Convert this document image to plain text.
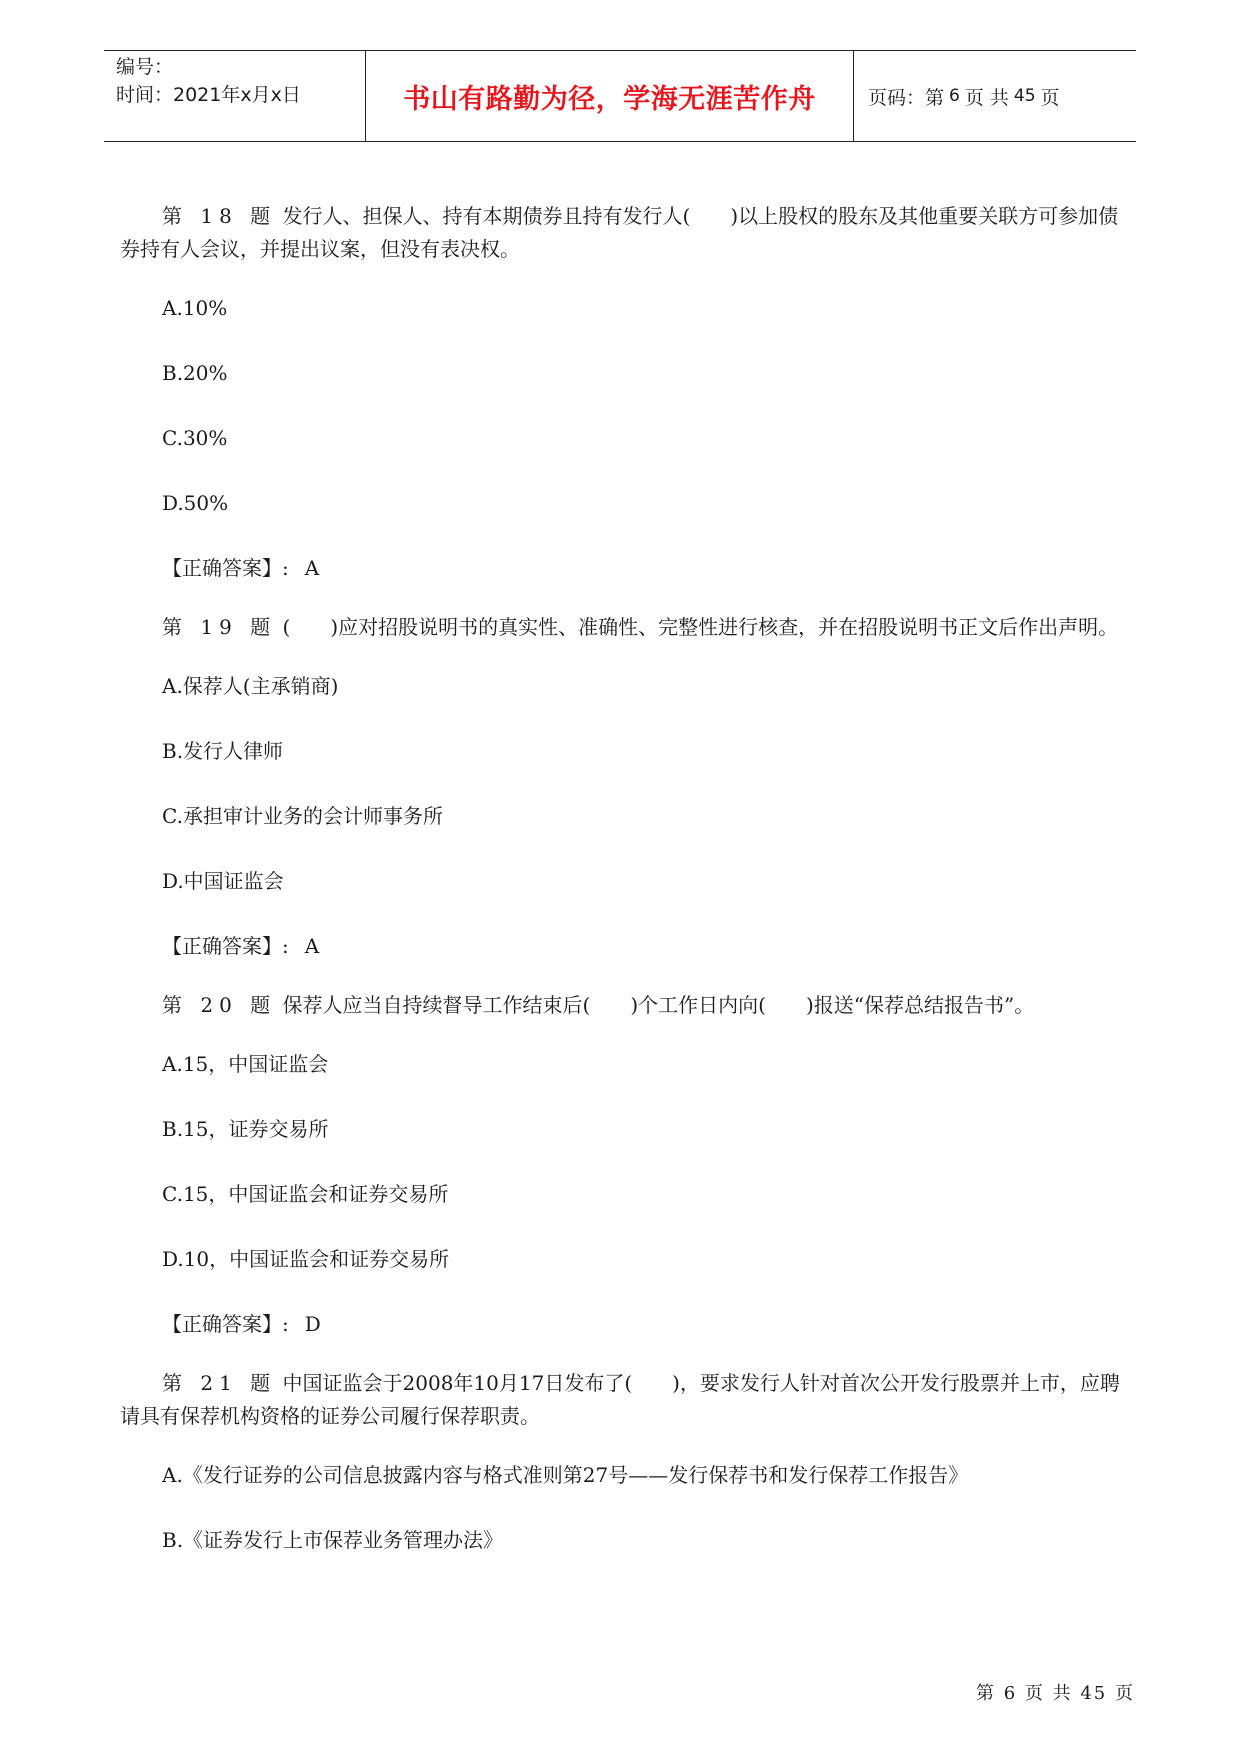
编号：
时间：2021年x月x日	书山有路勤为径，学海无涯苦作舟	页码：第 6 页 共 45 页

第 18 题 发行人、担保人、持有本期债券且持有发行人(　　)以上股权的股东及其他重要关联方可参加债券持有人会议，并提出议案，但没有表决权。

A.10%

B.20%

C.30%

D.50%

【正确答案】: A

第 19 题 (　　)应对招股说明书的真实性、准确性、完整性进行核查，并在招股说明书正文后作出声明。

A.保荐人(主承销商)

B.发行人律师

C.承担审计业务的会计师事务所

D.中国证监会

【正确答案】: A

第 20 题 保荐人应当自持续督导工作结束后(　　)个工作日内向(　　)报送“保荐总结报告书”。

A.15，中国证监会

B.15，证券交易所

C.15，中国证监会和证券交易所

D.10，中国证监会和证券交易所

【正确答案】: D

第 21 题 中国证监会于2008年10月17日发布了(　　)，要求发行人针对首次公开发行股票并上市，应聘请具有保荐机构资格的证券公司履行保荐职责。

A.《发行证券的公司信息披露内容与格式准则第27号——发行保荐书和发行保荐工作报告》

B.《证券发行上市保荐业务管理办法》

第 6 页 共 45 页
